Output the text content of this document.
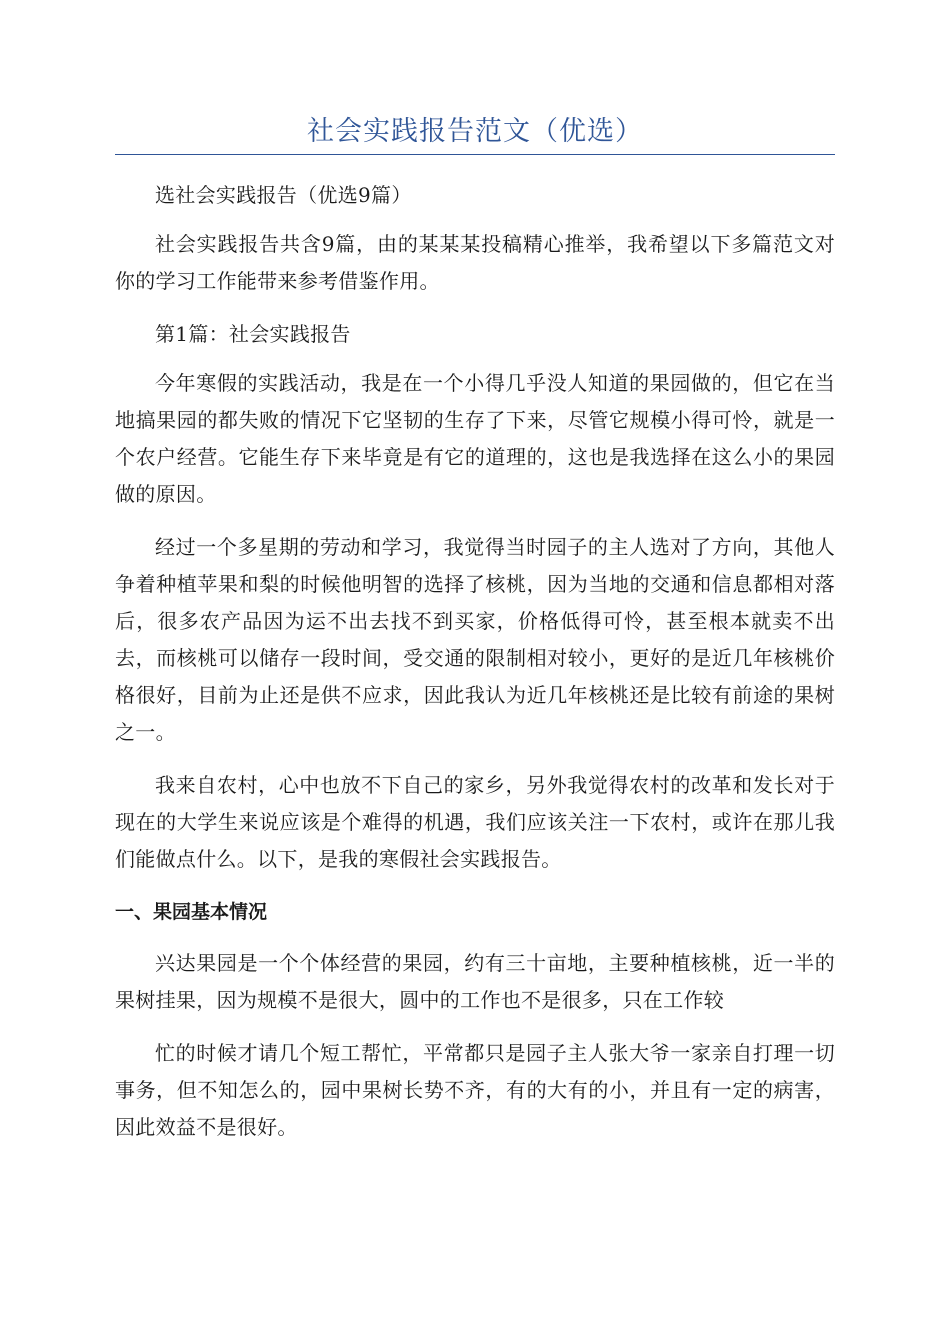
社会实践报告范文（优选）

选社会实践报告（优选9篇）

社会实践报告共含9篇，由的某某某投稿精心推举，我希望以下多篇范文对你的学习工作能带来参考借鉴作用。

第1篇：社会实践报告

今年寒假的实践活动，我是在一个小得几乎没人知道的果园做的，但它在当地搞果园的都失败的情况下它坚韧的生存了下来，尽管它规模小得可怜，就是一个农户经营。它能生存下来毕竟是有它的道理的，这也是我选择在这么小的果园做的原因。

经过一个多星期的劳动和学习，我觉得当时园子的主人选对了方向，其他人争着种植苹果和梨的时候他明智的选择了核桃，因为当地的交通和信息都相对落后，很多农产品因为运不出去找不到买家，价格低得可怜，甚至根本就卖不出去，而核桃可以储存一段时间，受交通的限制相对较小，更好的是近几年核桃价格很好，目前为止还是供不应求，因此我认为近几年核桃还是比较有前途的果树之一。

我来自农村，心中也放不下自己的家乡，另外我觉得农村的改革和发长对于现在的大学生来说应该是个难得的机遇，我们应该关注一下农村，或许在那儿我们能做点什么。以下，是我的寒假社会实践报告。

一、果园基本情况

兴达果园是一个个体经营的果园，约有三十亩地，主要种植核桃，近一半的果树挂果，因为规模不是很大，圆中的工作也不是很多，只在工作较

忙的时候才请几个短工帮忙，平常都只是园子主人张大爷一家亲自打理一切事务，但不知怎么的，园中果树长势不齐，有的大有的小，并且有一定的病害，因此效益不是很好。
